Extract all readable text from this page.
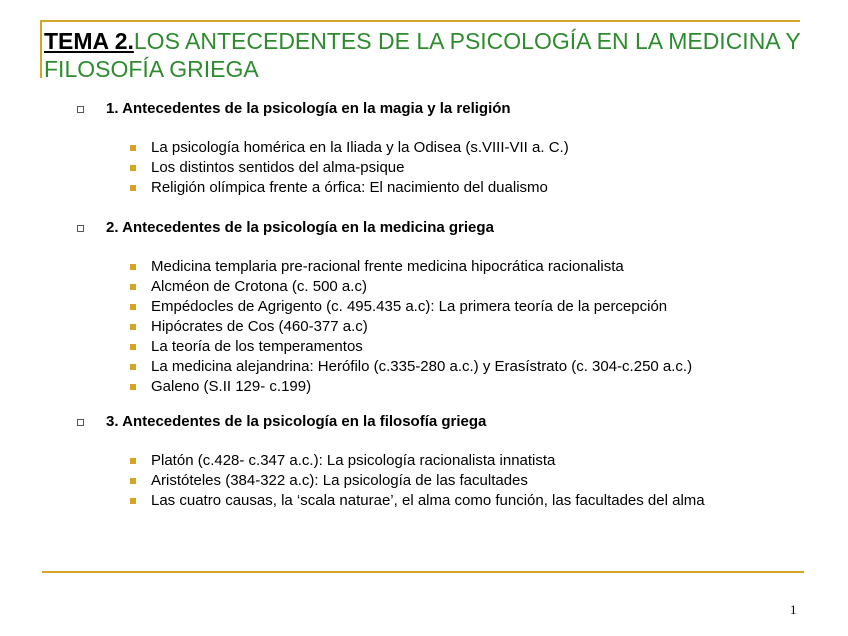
TEMA 2.LOS ANTECEDENTES DE LA PSICOLOGÍA EN LA MEDICINA Y FILOSOFÍA GRIEGA
1. Antecedentes de la psicología en la magia y la religión
La psicología homérica en la Iliada y la Odisea (s.VIII-VII a. C.)
Los distintos sentidos del alma-psique
Religión olímpica frente a órfica: El nacimiento del dualismo
2. Antecedentes de la psicología en la medicina griega
Medicina templaria pre-racional frente medicina hipocrática racionalista
Alcméon de Crotona (c. 500 a.c)
Empédocles de Agrigento (c. 495.435 a.c): La primera teoría de la percepción
Hipócrates de Cos (460-377 a.c)
La teoría de los temperamentos
La medicina alejandrina: Herófilo (c.335-280 a.c.) y Erasístrato (c. 304-c.250 a.c.)
Galeno (S.II 129- c.199)
3. Antecedentes de la psicología en la filosofía griega
Platón (c.428- c.347 a.c.): La psicología racionalista innatista
Aristóteles (384-322 a.c): La psicología de las facultades
Las cuatro causas, la ‘scala naturae’, el alma como función, las facultades del alma
1
